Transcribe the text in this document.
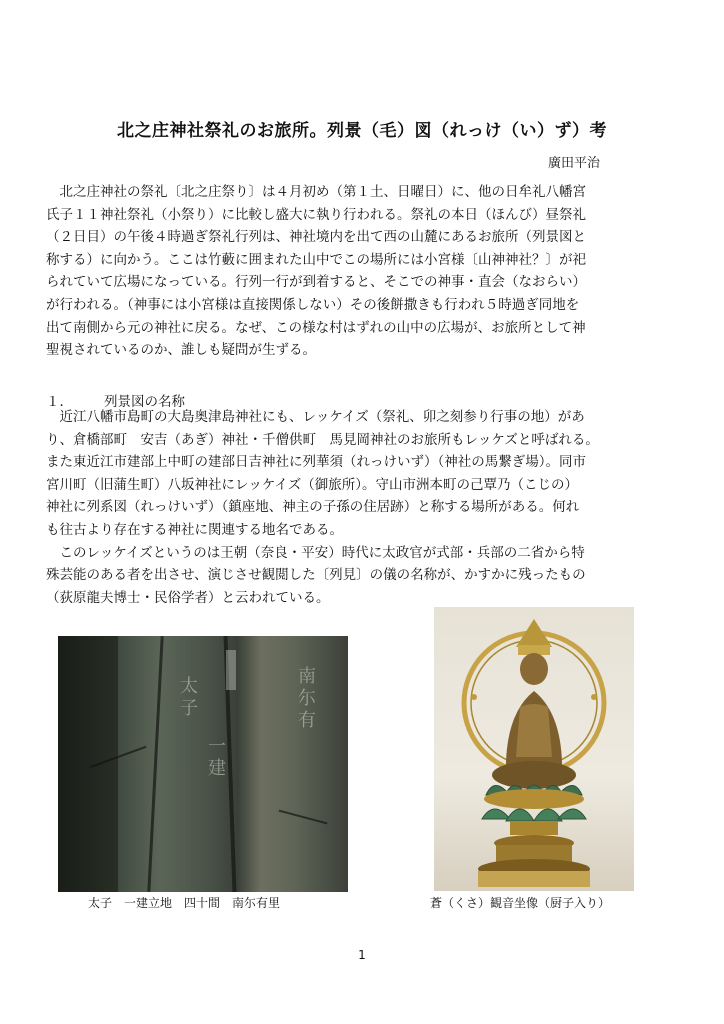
北之庄神社祭礼のお旅所。列景（毛）図（れっけ（い）ず）考
廣田平治
　北之庄神社の祭礼〔北之庄祭り〕は４月初め（第１土、日曜日）に、他の日牟礼八幡宮
氏子１１神社祭礼（小祭り）に比較し盛大に執り行われる。祭礼の本日（ほんび）昼祭礼
（２日目）の午後４時過ぎ祭礼行列は、神社境内を出て西の山麓にあるお旅所（列景図と
称する）に向かう。ここは竹藪に囲まれた山中でこの場所には小宮様〔山神神社？〕が祀
られていて広場になっている。行列一行が到着すると、そこでの神事・直会（なおらい）
が行われる。（神事には小宮様は直接関係しない）その後餅撒きも行われ５時過ぎ同地を
出て南側から元の神社に戻る。なぜ、この様な村はずれの山中の広場が、お旅所として神
聖視されているのか、誰しも疑問が生ずる。
１． 列景図の名称
　近江八幡市島町の大島奥津島神社にも、レッケイズ（祭礼、卯之刻参り行事の地）があ
り、倉橋部町　安吉（あぎ）神社・千僧供町　馬見岡神社のお旅所もレッケズと呼ばれる。
また東近江市建部上中町の建部日吉神社に列華須（れっけいず）（神社の馬繋ぎ場）。同市
宮川町（旧蒲生町）八坂神社にレッケイズ（御旅所）。守山市洲本町の己覃乃（こじの）
神社に列系図（れっけいず）（鎮座地、神主の子孫の住居跡）と称する場所がある。何れ
も往古より存在する神社に関連する地名である。
　このレッケイズというのは王朝（奈良・平安）時代に太政官が式部・兵部の二省から特
殊芸能のある者を出させ、演じさせ観閲した〔列見〕の儀の名称が、かすかに残ったもの
（荻原龍夫博士・民俗学者）と云われている。
太
子
一
建
南
尓
有
太子　一建立地　四十間　南尓有里	蒼（くさ）観音坐像（厨子入り）
1
